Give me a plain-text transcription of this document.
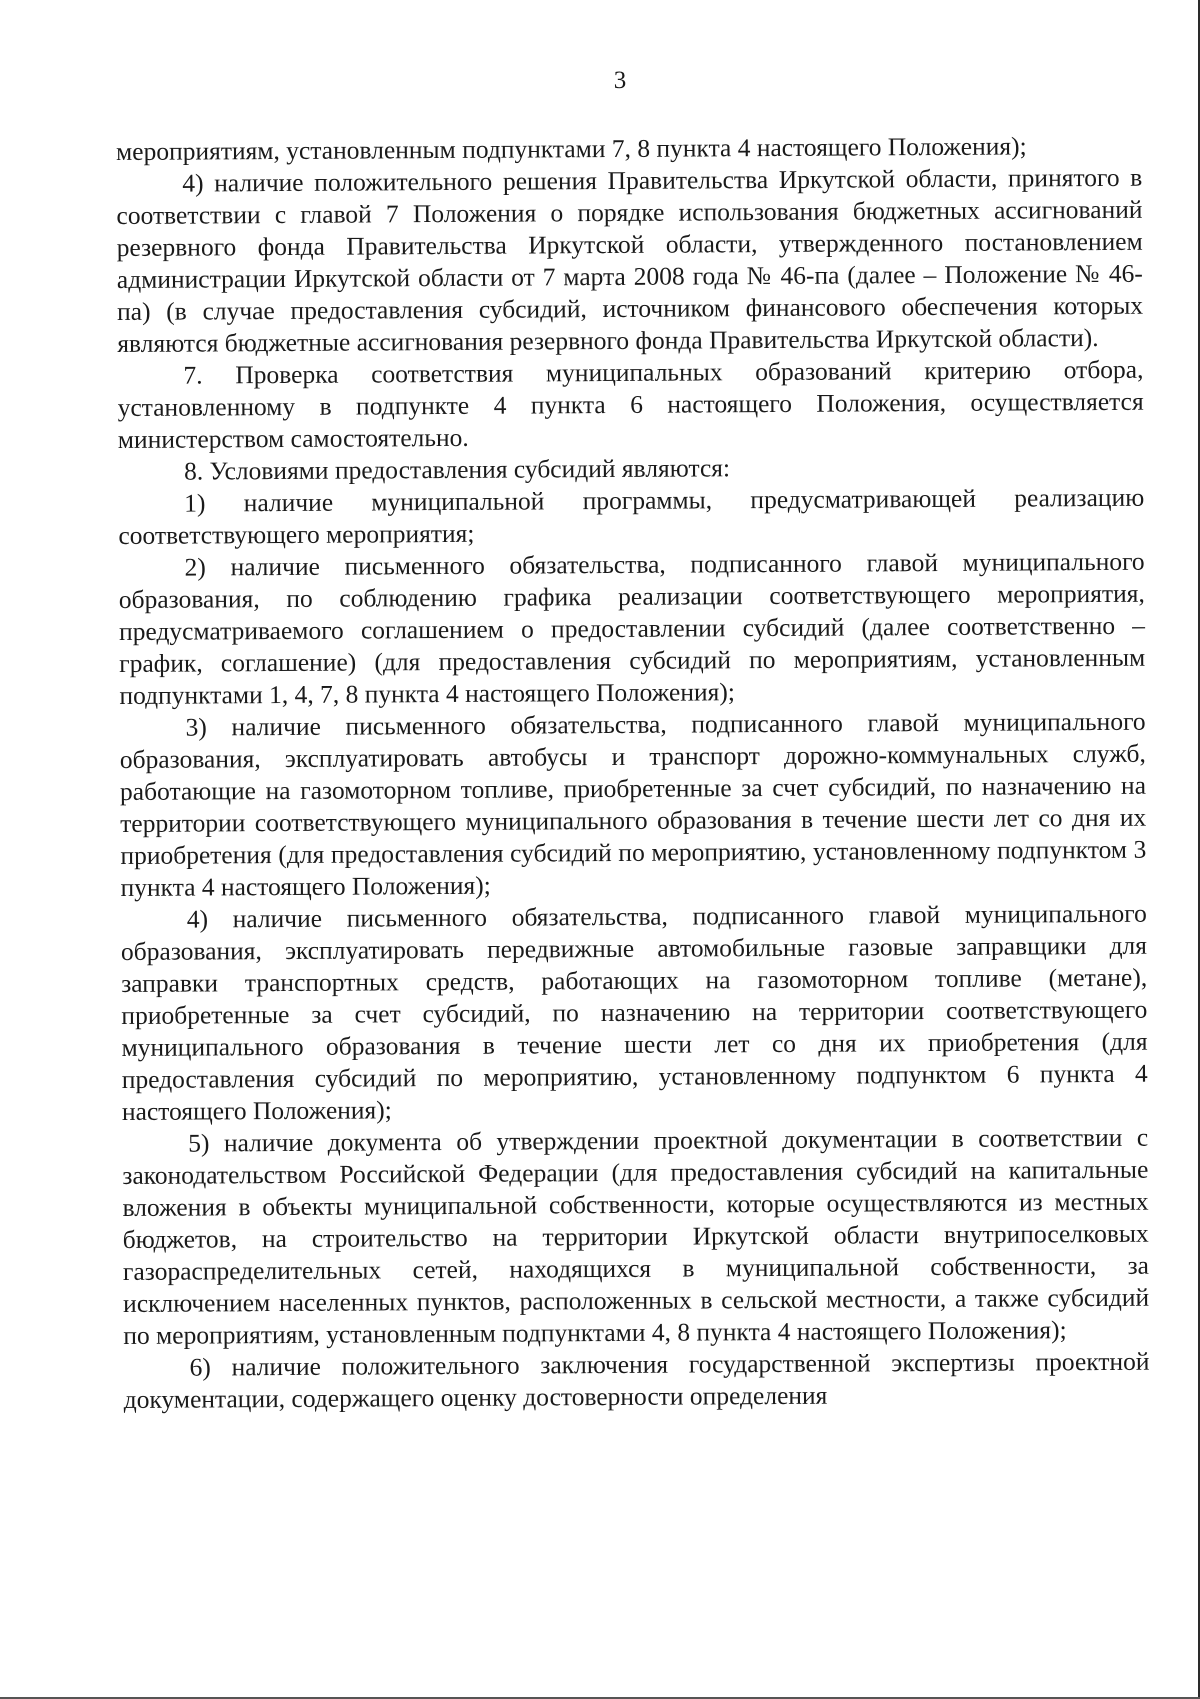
3

мероприятиям, установленным подпунктами 7, 8 пункта 4 настоящего Положения);

4) наличие положительного решения Правительства Иркутской области, принятого в соответствии с главой 7 Положения о порядке использования бюджетных ассигнований резервного фонда Правительства Иркутской области, утвержденного постановлением администрации Иркутской области от 7 марта 2008 года № 46-па (далее – Положение № 46-па) (в случае предоставления субсидий, источником финансового обеспечения которых являются бюджетные ассигнования резервного фонда Правительства Иркутской области).

7. Проверка соответствия муниципальных образований критерию отбора, установленному в подпункте 4 пункта 6 настоящего Положения, осуществляется министерством самостоятельно.

8. Условиями предоставления субсидий являются:

1) наличие муниципальной программы, предусматривающей реализацию соответствующего мероприятия;

2) наличие письменного обязательства, подписанного главой муниципального образования, по соблюдению графика реализации соответствующего мероприятия, предусматриваемого соглашением о предоставлении субсидий (далее соответственно – график, соглашение) (для предоставления субсидий по мероприятиям, установленным подпунктами 1, 4, 7, 8 пункта 4 настоящего Положения);

3) наличие письменного обязательства, подписанного главой муниципального образования, эксплуатировать автобусы и транспорт дорожно-коммунальных служб, работающие на газомоторном топливе, приобретенные за счет субсидий, по назначению на территории соответствующего муниципального образования в течение шести лет со дня их приобретения (для предоставления субсидий по мероприятию, установленному подпунктом 3 пункта 4 настоящего Положения);

4) наличие письменного обязательства, подписанного главой муниципального образования, эксплуатировать передвижные автомобильные газовые заправщики для заправки транспортных средств, работающих на газомоторном топливе (метане), приобретенные за счет субсидий, по назначению на территории соответствующего муниципального образования в течение шести лет со дня их приобретения (для предоставления субсидий по мероприятию, установленному подпунктом 6 пункта 4 настоящего Положения);

5) наличие документа об утверждении проектной документации в соответствии с законодательством Российской Федерации (для предоставления субсидий на капитальные вложения в объекты муниципальной собственности, которые осуществляются из местных бюджетов, на строительство на территории Иркутской области внутрипоселковых газораспределительных сетей, находящихся в муниципальной собственности, за исключением населенных пунктов, расположенных в сельской местности, а также субсидий по мероприятиям, установленным подпунктами 4, 8 пункта 4 настоящего Положения);

6) наличие положительного заключения государственной экспертизы проектной документации, содержащего оценку достоверности определения
